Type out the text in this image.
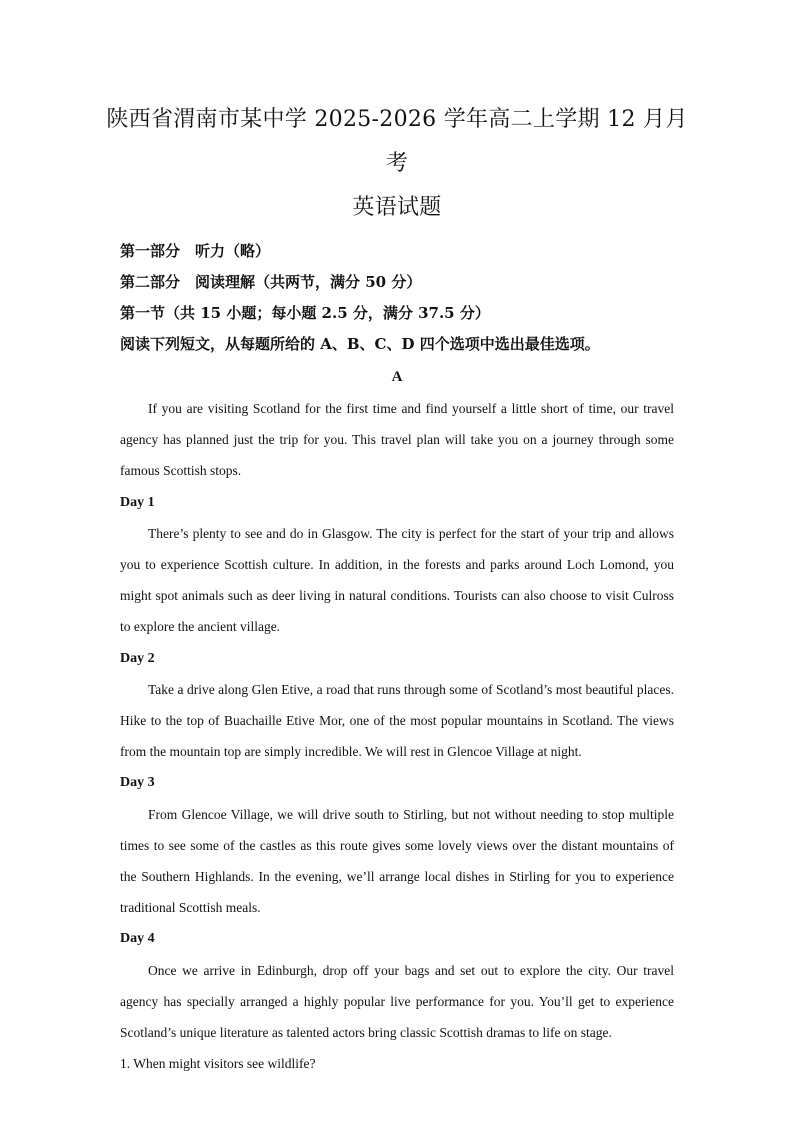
陕西省渭南市某中学 2025-2026 学年高二上学期 12 月月考
英语试题
第一部分　听力（略）
第二部分　阅读理解（共两节，满分 50 分）
第一节（共 15 小题；每小题 2.5 分，满分 37.5 分）
阅读下列短文，从每题所给的 A、B、C、D 四个选项中选出最佳选项。
A

If you are visiting Scotland for the first time and find yourself a little short of time, our travel agency has planned just the trip for you. This travel plan will take you on a journey through some famous Scottish stops.

Day 1

There’s plenty to see and do in Glasgow. The city is perfect for the start of your trip and allows you to experience Scottish culture. In addition, in the forests and parks around Loch Lomond, you might spot animals such as deer living in natural conditions. Tourists can also choose to visit Culross to explore the ancient village.

Day 2

Take a drive along Glen Etive, a road that runs through some of Scotland’s most beautiful places. Hike to the top of Buachaille Etive Mor, one of the most popular mountains in Scotland. The views from the mountain top are simply incredible. We will rest in Glencoe Village at night.

Day 3

From Glencoe Village, we will drive south to Stirling, but not without needing to stop multiple times to see some of the castles as this route gives some lovely views over the distant mountains of the Southern Highlands. In the evening, we’ll arrange local dishes in Stirling for you to experience traditional Scottish meals.

Day 4

Once we arrive in Edinburgh, drop off your bags and set out to explore the city. Our travel agency has specially arranged a highly popular live performance for you. You’ll get to experience Scotland’s unique literature as talented actors bring classic Scottish dramas to life on stage.

1. When might visitors see wildlife?
